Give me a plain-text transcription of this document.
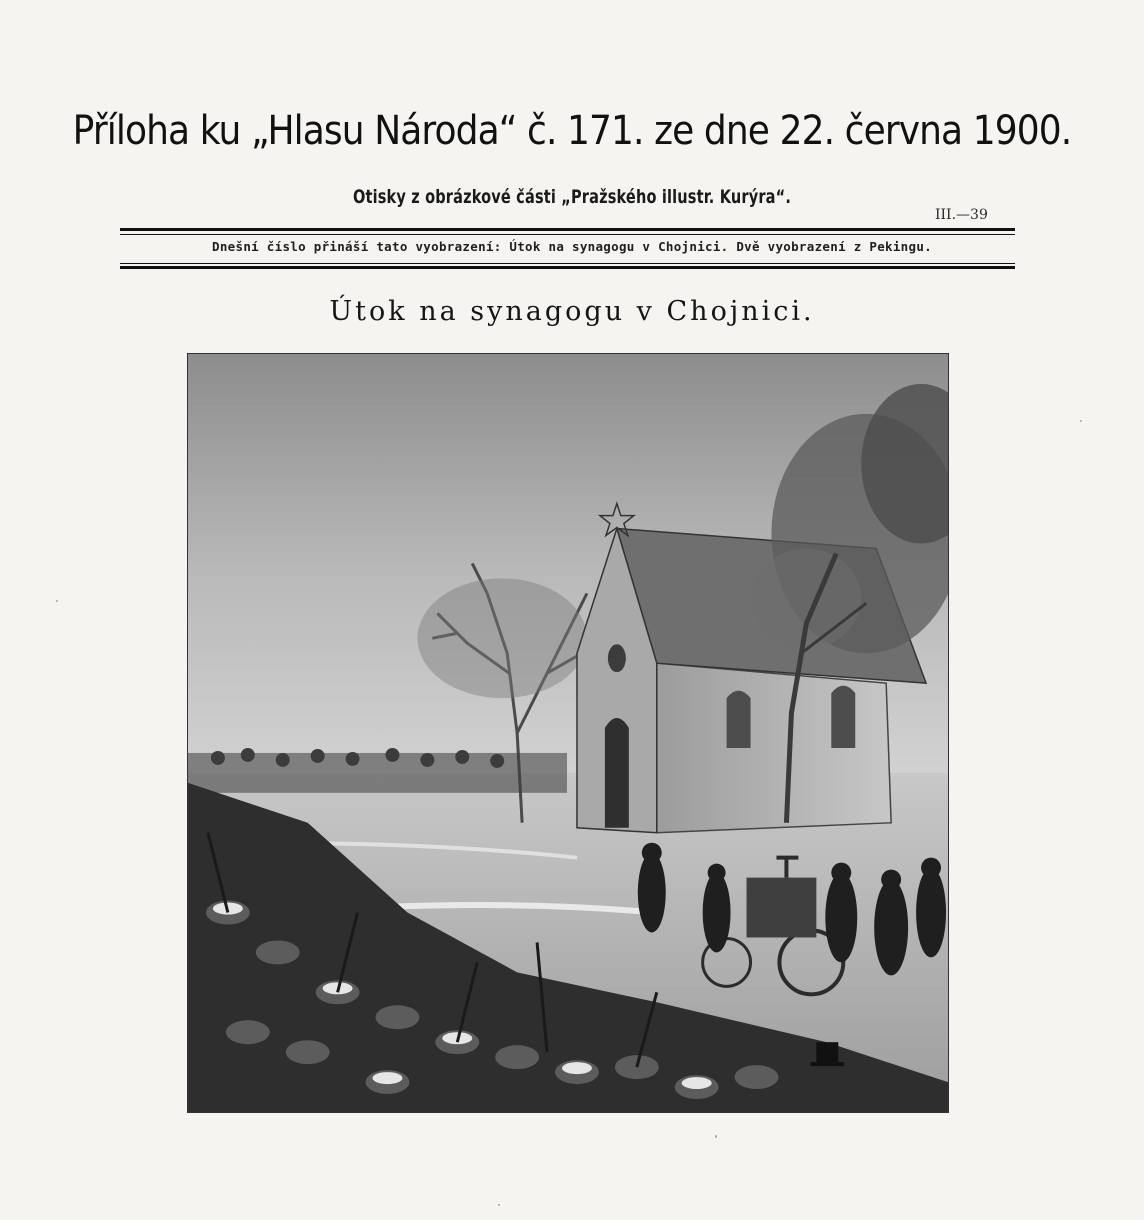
Příloha ku „Hlasu Národa“ č. 171. ze dne 22. června 1900.
Otisky z obrázkové části „Pražského illustr. Kurýra“.
III.—39
Dnešní číslo přináší tato vyobrazení: Útok na synagogu v Chojnici. Dvě vyobrazení z Pekingu.
Útok na synagogu v Chojnici.
